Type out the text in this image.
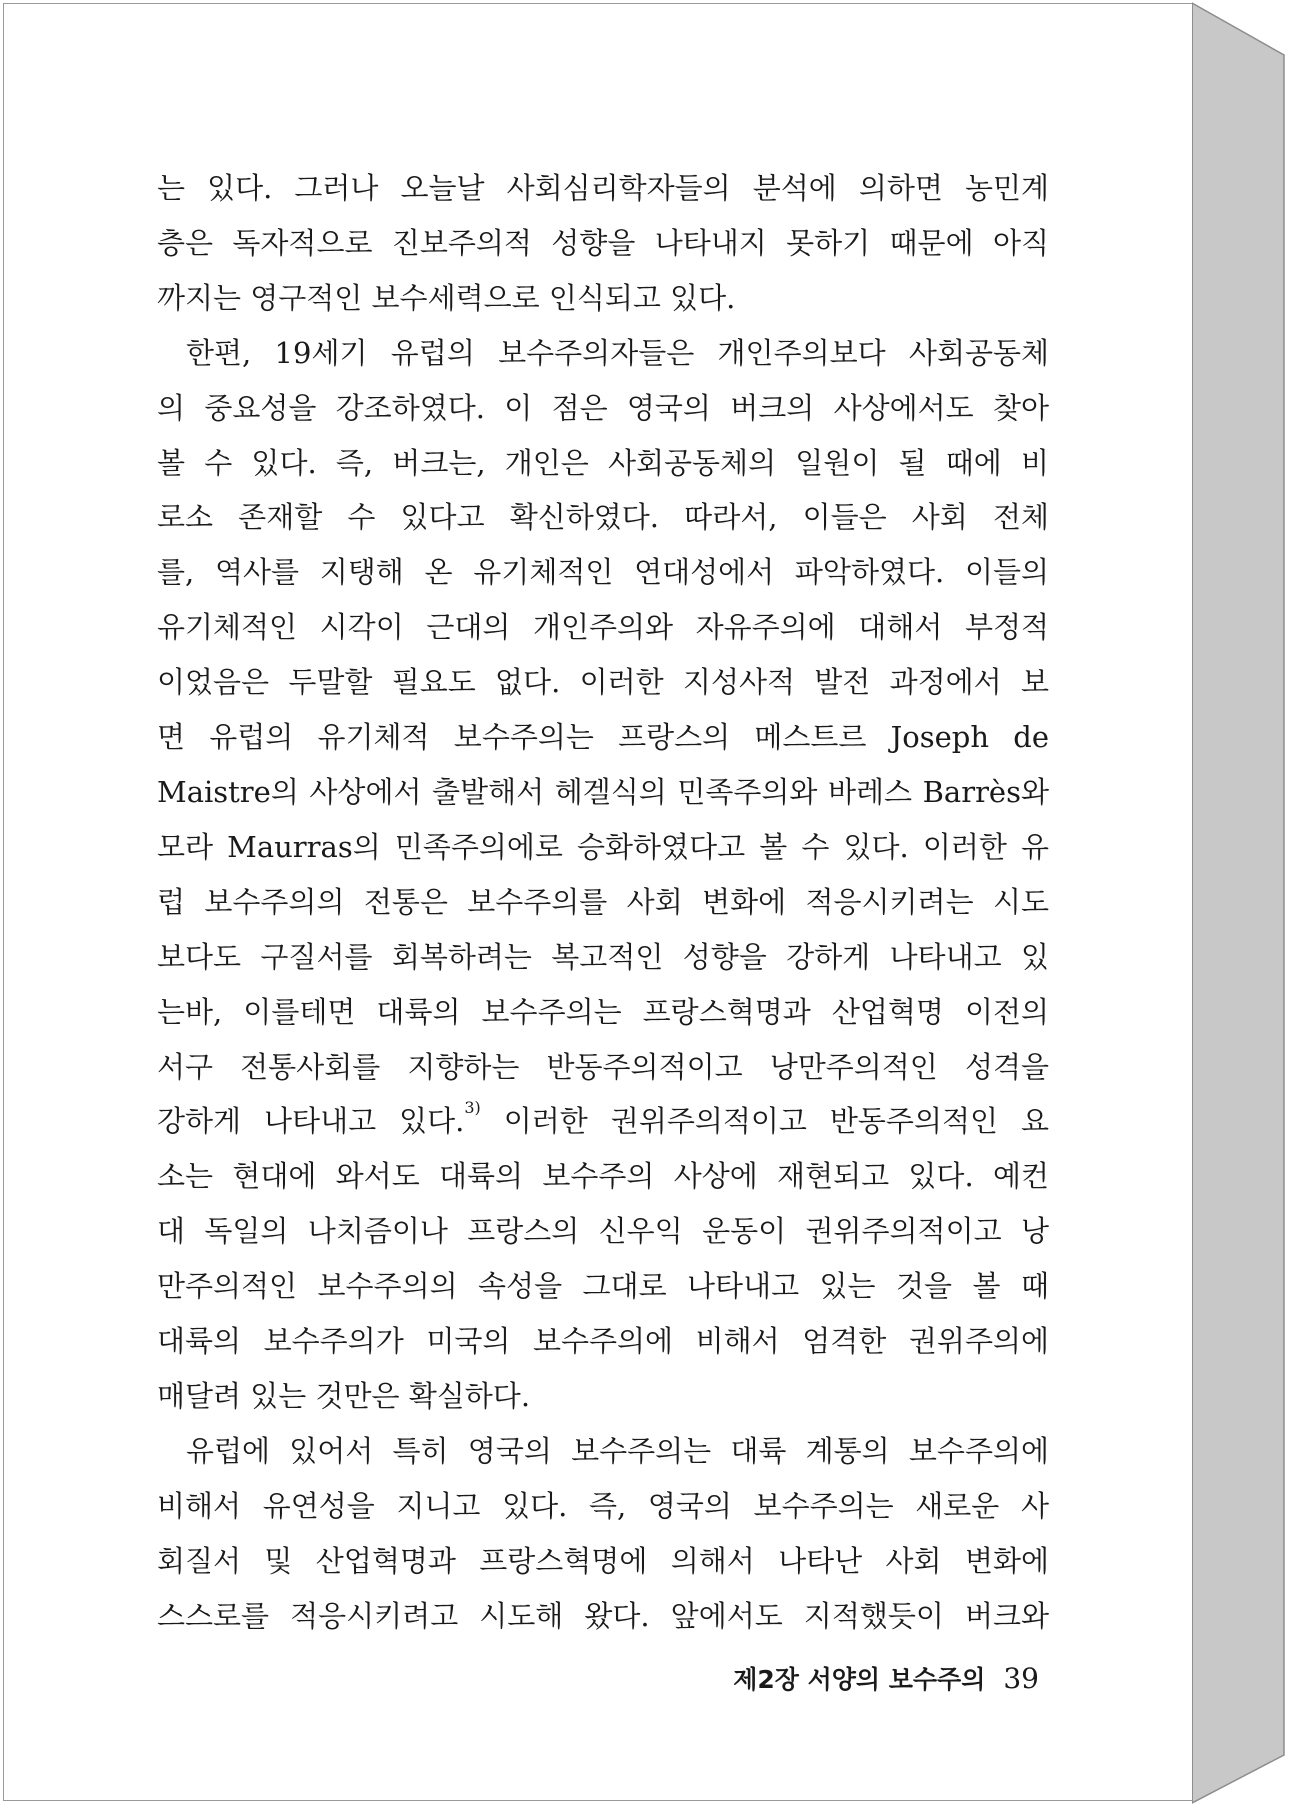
는 있다. 그러나 오늘날 사회심리학자들의 분석에 의하면 농민계
층은 독자적으로 진보주의적 성향을 나타내지 못하기 때문에 아직
까지는 영구적인 보수세력으로 인식되고 있다.

한편, 19세기 유럽의 보수주의자들은 개인주의보다 사회공동체
의 중요성을 강조하였다. 이 점은 영국의 버크의 사상에서도 찾아
볼 수 있다. 즉, 버크는, 개인은 사회공동체의 일원이 될 때에 비
로소 존재할 수 있다고 확신하였다. 따라서, 이들은 사회 전체
를, 역사를 지탱해 온 유기체적인 연대성에서 파악하였다. 이들의
유기체적인 시각이 근대의 개인주의와 자유주의에 대해서 부정적
이었음은 두말할 필요도 없다. 이러한 지성사적 발전 과정에서 보
면 유럽의 유기체적 보수주의는 프랑스의 메스트르 Joseph de
Maistre의 사상에서 출발해서 헤겔식의 민족주의와 바레스 Barrès와
모라 Maurras의 민족주의에로 승화하였다고 볼 수 있다. 이러한 유
럽 보수주의의 전통은 보수주의를 사회 변화에 적응시키려는 시도
보다도 구질서를 회복하려는 복고적인 성향을 강하게 나타내고 있
는바, 이를테면 대륙의 보수주의는 프랑스혁명과 산업혁명 이전의
서구 전통사회를 지향하는 반동주의적이고 낭만주의적인 성격을
강하게 나타내고 있다.$^{3)}$ 이러한 권위주의적이고 반동주의적인 요
소는 현대에 와서도 대륙의 보수주의 사상에 재현되고 있다. 예컨
대 독일의 나치즘이나 프랑스의 신우익 운동이 권위주의적이고 낭
만주의적인 보수주의의 속성을 그대로 나타내고 있는 것을 볼 때
대륙의 보수주의가 미국의 보수주의에 비해서 엄격한 권위주의에
매달려 있는 것만은 확실하다.

유럽에 있어서 특히 영국의 보수주의는 대륙 계통의 보수주의에
비해서 유연성을 지니고 있다. 즉, 영국의 보수주의는 새로운 사
회질서 및 산업혁명과 프랑스혁명에 의해서 나타난 사회 변화에
스스로를 적응시키려고 시도해 왔다. 앞에서도 지적했듯이 버크와

제2장 서양의 보수주의 39
